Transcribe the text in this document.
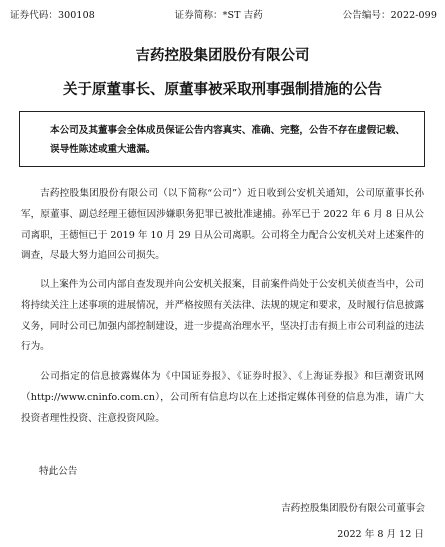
证券代码：300108	证券简称：*ST 吉药	公告编号：2022-099
吉药控股集团股份有限公司
关于原董事长、原董事被采取刑事强制措施的公告
本公司及其董事会全体成员保证公告内容真实、准确、完整，公告不存在虚假记载、误导性陈述或重大遗漏。
吉药控股集团股份有限公司（以下简称“公司”）近日收到公安机关通知，公司原董事长孙军，原董事、副总经理王德恒因涉嫌职务犯罪已被批准逮捕。孙军已于 2022 年 6 月 8 日从公司离职，王德恒已于 2019 年 10 月 29 日从公司离职。公司将全力配合公安机关对上述案件的调查，尽最大努力追回公司损失。
以上案件为公司内部自查发现并向公安机关报案，目前案件尚处于公安机关侦查当中，公司将持续关注上述事项的进展情况，并严格按照有关法律、法规的规定和要求，及时履行信息披露义务，同时公司已加强内部控制建设，进一步提高治理水平，坚决打击有损上市公司利益的违法行为。
公司指定的信息披露媒体为《中国证券报》、《证券时报》、《上海证券报》和巨潮资讯网（http://www.cninfo.com.cn），公司所有信息均以在上述指定媒体刊登的信息为准，请广大投资者理性投资、注意投资风险。
特此公告
吉药控股集团股份有限公司董事会
2022 年 8 月 12 日
